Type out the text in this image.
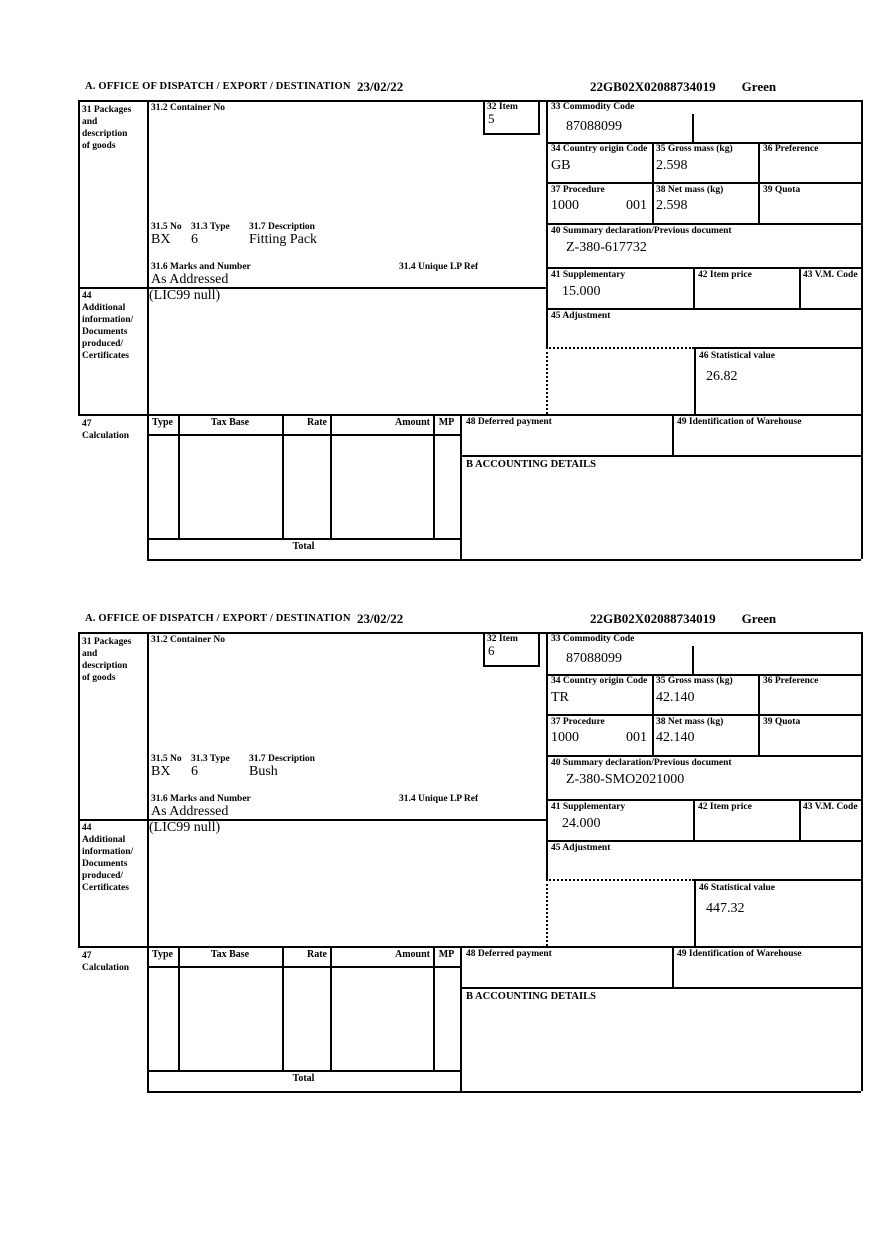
A. OFFICE OF DISPATCH / EXPORT / DESTINATION 23/02/22	22GB02X02088734019 Green
31 Packages
and
description
of goods
31.2 Container No	32 Item
5
31.5 No 31.3 Type 31.7 Description
BX 6	Fitting Pack
31.6 Marks and Number	31.4 Unique LP Ref
As Addressed
44
Additional
information/
Documents
produced/
Certificates
(LIC99 null)
33 Commodity Code
87088099
34 Country origin Code
GB
35 Gross mass (kg)
2.598
36 Preference
37 Procedure
1000	001
38 Net mass (kg)
2.598
39 Quota
40 Summary declaration/Previous document
Z-380-617732
41 Supplementary
15.000
42 Item price	43 V.M. Code
45 Adjustment
46 Statistical value
26.82
47
Calculation
Type	Tax Base	Rate	Amount MP
Total
48 Deferred payment	49 Identification of Warehouse
B ACCOUNTING DETAILS
A. OFFICE OF DISPATCH / EXPORT / DESTINATION 23/02/22	22GB02X02088734019 Green
31 Packages
and
description
of goods
31.2 Container No	32 Item
6
31.5 No 31.3 Type 31.7 Description
BX 6	Bush
31.6 Marks and Number	31.4 Unique LP Ref
As Addressed
44
Additional
information/
Documents
produced/
Certificates
(LIC99 null)
33 Commodity Code
87088099
34 Country origin Code
TR
35 Gross mass (kg)
42.140
36 Preference
37 Procedure
1000	001
38 Net mass (kg)
42.140
39 Quota
40 Summary declaration/Previous document
Z-380-SMO2021000
41 Supplementary
24.000
42 Item price	43 V.M. Code
45 Adjustment
46 Statistical value
447.32
47
Calculation
Type	Tax Base	Rate	Amount MP
Total
48 Deferred payment	49 Identification of Warehouse
B ACCOUNTING DETAILS
